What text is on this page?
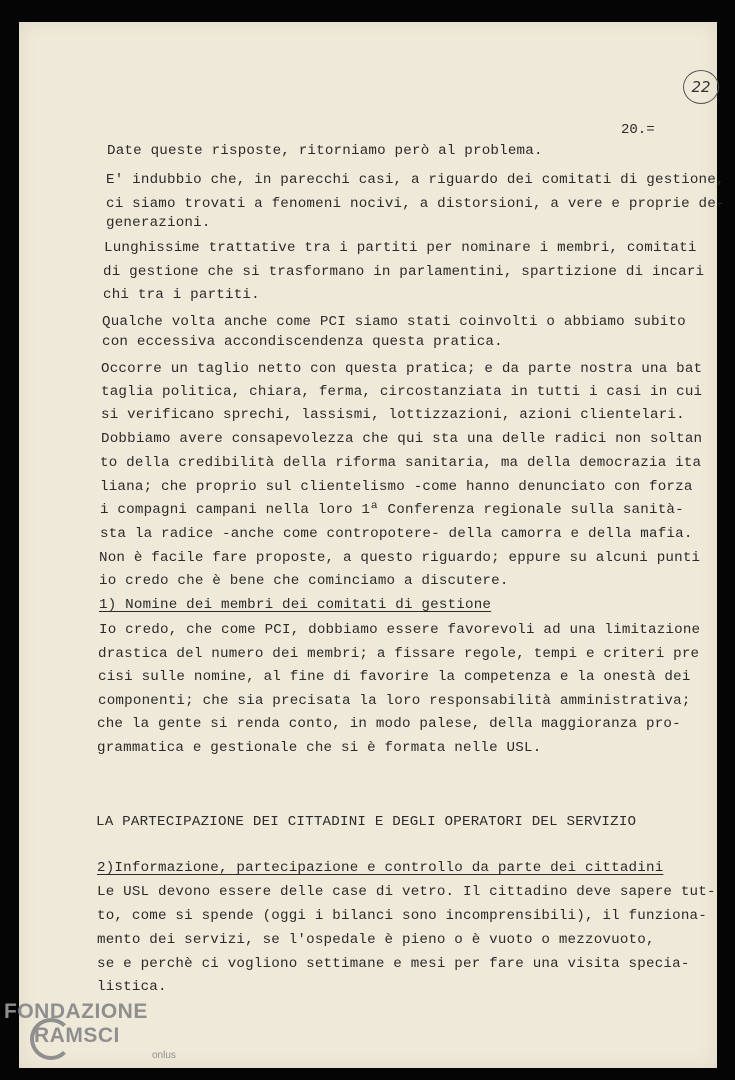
22
20.=
Date queste risposte, ritorniamo però al problema.
E' indubbio che, in parecchi casi, a riguardo dei comitati di gestione,
ci siamo trovati a fenomeni nocivi, a distorsioni, a vere e proprie de-
generazioni.
Lunghissime trattative tra i partiti per nominare i membri, comitati
di gestione che si trasformano in parlamentini, spartizione di incari
chi tra i partiti.
Qualche volta anche come PCI siamo stati coinvolti o abbiamo subito
con eccessiva accondiscendenza questa pratica.
Occorre un taglio netto con questa pratica; e da parte nostra una bat
taglia politica, chiara, ferma, circostanziata in tutti i casi in cui
si verificano sprechi, lassismi, lottizzazioni, azioni clientelari.
Dobbiamo avere consapevolezza che qui sta una delle radici non soltan
to della credibilità della riforma sanitaria, ma della democrazia ita
liana; che proprio sul clientelismo -come hanno denunciato con forza
i compagni campani nella loro 1ª Conferenza regionale sulla sanità-
sta la radice -anche come contropotere- della camorra e della mafia.
Non è facile fare proposte, a questo riguardo; eppure su alcuni punti
io credo che è bene che cominciamo a discutere.
1) Nomine dei membri dei comitati di gestione
Io credo, che come PCI, dobbiamo essere favorevoli ad una limitazione
drastica del numero dei membri; a fissare regole, tempi e criteri pre
cisi sulle nomine, al fine di favorire la competenza e la onestà dei
componenti; che sia precisata la loro responsabilità amministrativa;
che la gente si renda conto, in modo palese, della maggioranza pro-
grammatica e gestionale che si è formata nelle USL.
LA PARTECIPAZIONE DEI CITTADINI E DEGLI OPERATORI DEL SERVIZIO
2)Informazione, partecipazione e controllo da parte dei cittadini
Le USL devono essere delle case di vetro. Il cittadino deve sapere tut-
to, come si spende (oggi i bilanci sono incomprensibili), il funziona-
mento dei servizi, se l'ospedale è pieno o è vuoto o mezzovuoto,
se e perchè ci vogliono settimane e mesi per fare una visita specia-
listica.
FONDAZIONE
RAMSCI
onlus
